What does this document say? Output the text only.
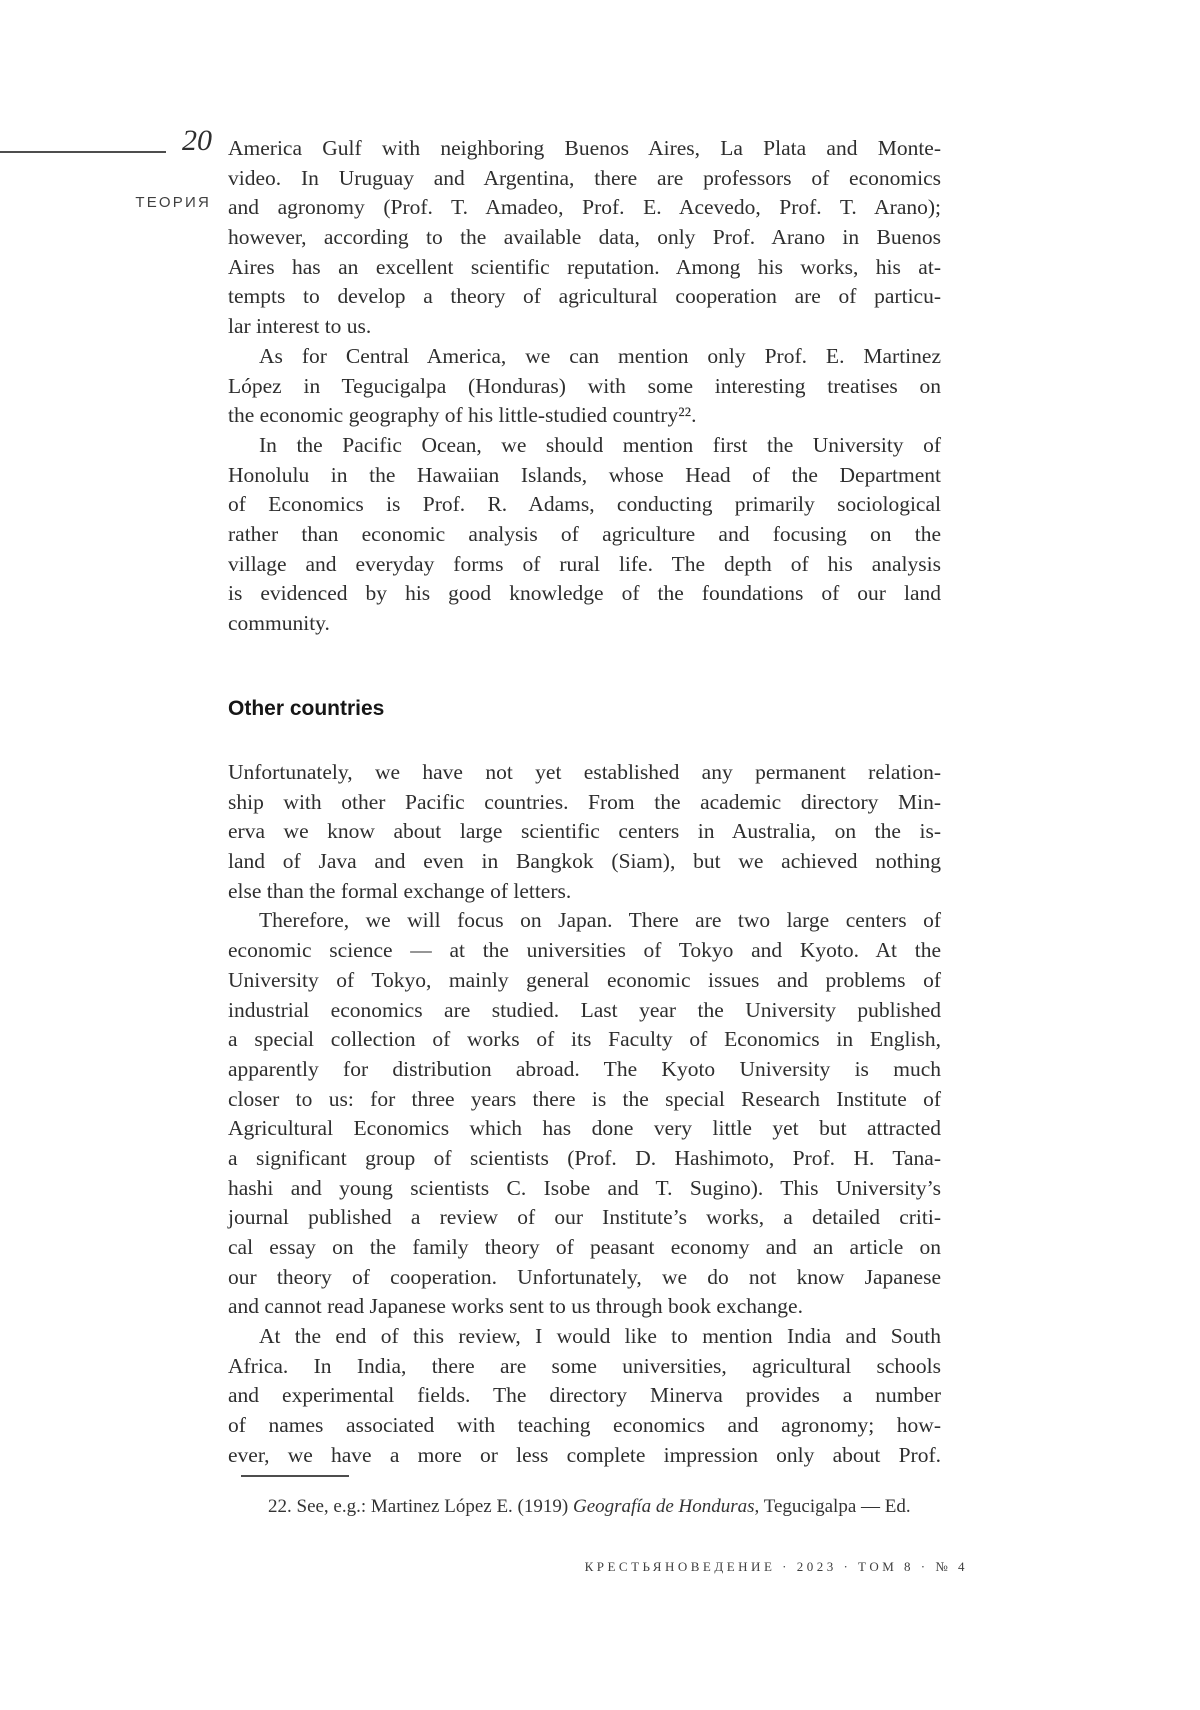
20
ТЕОРИЯ
America Gulf with neighboring Buenos Aires, La Plata and Monte-
video. In Uruguay and Argentina, there are professors of economics
and agronomy (Prof. T. Amadeo, Prof. E. Acevedo, Prof. T. Arano);
however, according to the available data, only Prof. Arano in Buenos
Aires has an excellent scientific reputation. Among his works, his at-
tempts to develop a theory of agricultural cooperation are of particu-
lar interest to us.
As for Central America, we can mention only Prof. E. Martinez
López in Tegucigalpa (Honduras) with some interesting treatises on
the economic geography of his little-studied country²².
In the Pacific Ocean, we should mention first the University of
Honolulu in the Hawaiian Islands, whose Head of the Department
of Economics is Prof. R. Adams, conducting primarily sociological
rather than economic analysis of agriculture and focusing on the
village and everyday forms of rural life. The depth of his analysis
is evidenced by his good knowledge of the foundations of our land
community.
Other countries
Unfortunately, we have not yet established any permanent relation-
ship with other Pacific countries. From the academic directory Min-
erva we know about large scientific centers in Australia, on the is-
land of Java and even in Bangkok (Siam), but we achieved nothing
else than the formal exchange of letters.
Therefore, we will focus on Japan. There are two large centers of
economic science — at the universities of Tokyo and Kyoto. At the
University of Tokyo, mainly general economic issues and problems of
industrial economics are studied. Last year the University published
a special collection of works of its Faculty of Economics in English,
apparently for distribution abroad. The Kyoto University is much
closer to us: for three years there is the special Research Institute of
Agricultural Economics which has done very little yet but attracted
a significant group of scientists (Prof. D. Hashimoto, Prof. H. Tana-
hashi and young scientists C. Isobe and T. Sugino). This University’s
journal published a review of our Institute’s works, a detailed criti-
cal essay on the family theory of peasant economy and an article on
our theory of cooperation. Unfortunately, we do not know Japanese
and cannot read Japanese works sent to us through book exchange.
At the end of this review, I would like to mention India and South
Africa. In India, there are some universities, agricultural schools
and experimental fields. The directory Minerva provides a number
of names associated with teaching economics and agronomy; how-
ever, we have a more or less complete impression only about Prof.
22. See, e.g.: Martinez López E. (1919) Geografía de Honduras, Tegucigalpa — Ed.
КРЕСТЬЯНОВЕДЕНИЕ · 2023 · ТОМ 8 · № 4
